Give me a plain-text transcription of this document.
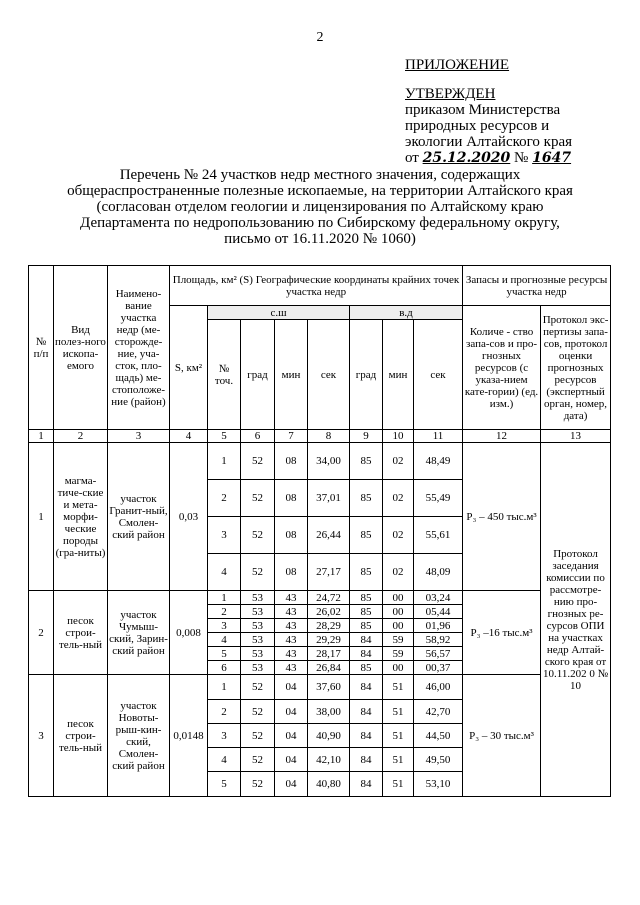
2
ПРИЛОЖЕНИЕ
УТВЕРЖДЕН
приказом Министерства
природных ресурсов и
экологии Алтайского края
от 25.12.2020 № 1647
Перечень № 24 участков недр местного значения, содержащих
общераспространенные полезные ископаемые, на территории Алтайского края
(согласован отделом геологии и лицензирования по Алтайскому краю
Департамента по недропользованию по Сибирскому федеральному округу,
письмо от 16.11.2020 № 1060)
№ п/п	Вид полез-ного ископа-емого	Наимено-вание участка недр (ме-сторожде-ние, уча-сток, пло-щадь) ме-стоположе-ние (район)	Площадь, км² (S) Географические координаты крайних точек участка недр								Запасы и прогнозные ресурсы участка недр	
			S, км²	с.ш				в.д			Количе - ство запа-сов и про-гнозных ресурсов (с указа-нием кате-гории) (ед. изм.)	Протокол экс-пертизы запа-сов, протокол оценки прогнозных ресурсов (экспертный орган, номер, дата)
				№ точ.	град	мин	сек	град	мин	сек		
1	2	3	4	5	6	7	8	9	10	11	12	13
1	магма-тиче-ские и мета-морфи-ческие породы (гра-ниты)	участок Гранит-ный, Смолен-ский район	0,03	1	52	08	34,00	85	02	48,49	P₃ – 450 тыс.м³	Протокол заседания комиссии по рассмотре-нию про-гнозных ре-сурсов ОПИ на участках недр Алтай-ского края от 10.11.202 0 № 10
				2	52	08	37,01	85	02	55,49		
				3	52	08	26,44	85	02	55,61		
				4	52	08	27,17	85	02	48,09		
2	песок строи-тель-ный	участок Чумыш-ский, Зарин-ский район	0,008	1	53	43	24,72	85	00	03,24	P₃ –16 тыс.м³	
				2	53	43	26,02	85	00	05,44		
				3	53	43	28,29	85	00	01,96		
				4	53	43	29,29	84	59	58,92		
				5	53	43	28,17	84	59	56,57		
				6	53	43	26,84	85	00	00,37		
3	песок строи-тель-ный	участок Новоты-рыш-кин-ский, Смолен-ский район	0,0148	1	52	04	37,60	84	51	46,00	P₃ – 30 тыс.м³	
				2	52	04	38,00	84	51	42,70		
				3	52	04	40,90	84	51	44,50		
				4	52	04	42,10	84	51	49,50		
				5	52	04	40,80	84	51	53,10		
